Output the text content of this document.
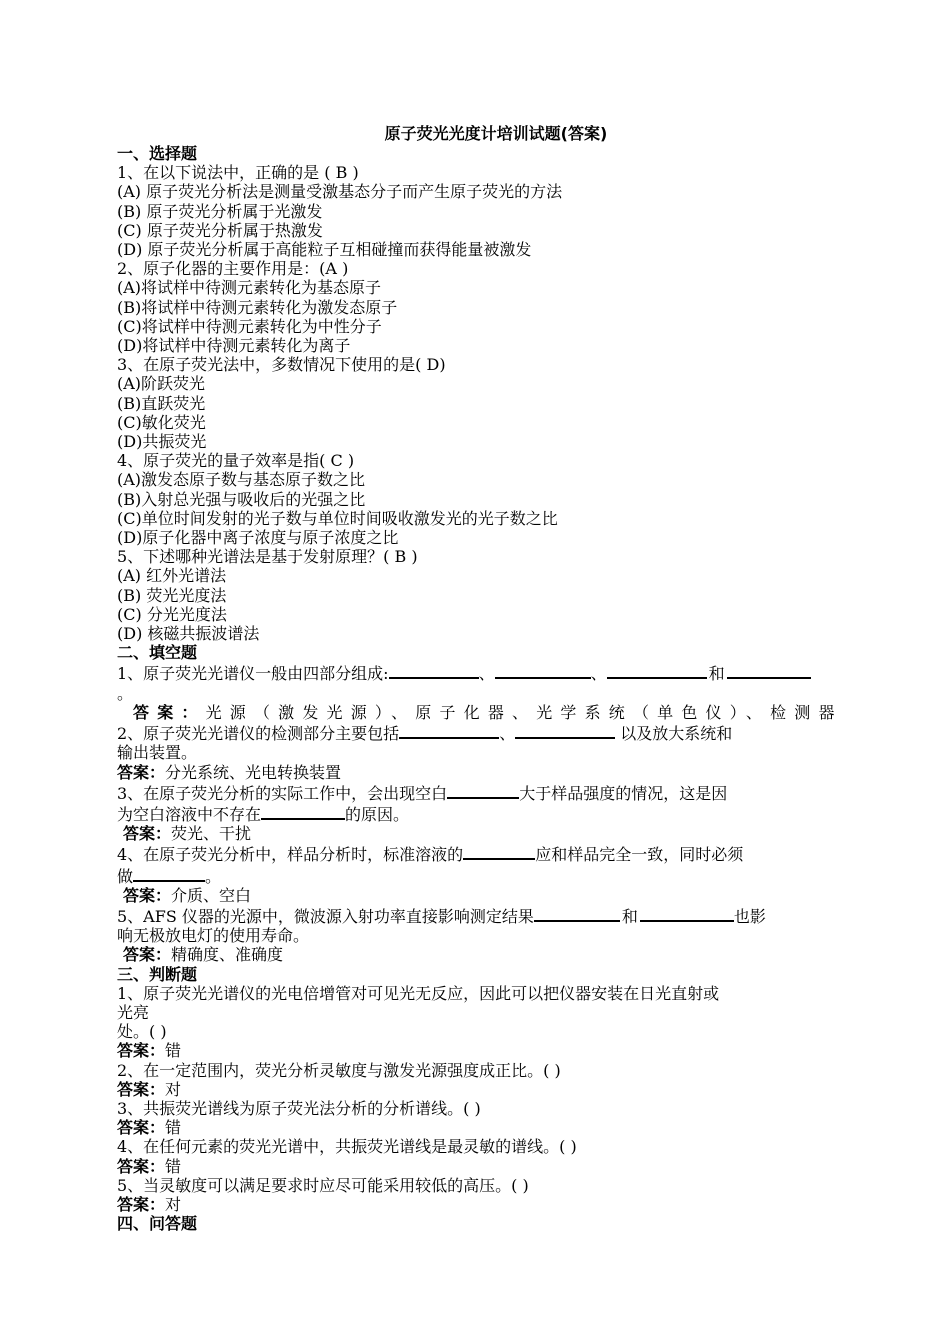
原子荧光光度计培训试题(答案)
一、选择题
1、在以下说法中，正确的是 ( B )
(A) 原子荧光分析法是测量受激基态分子而产生原子荧光的方法
(B) 原子荧光分析属于光激发
(C) 原子荧光分析属于热激发
(D) 原子荧光分析属于高能粒子互相碰撞而获得能量被激发
2、原子化器的主要作用是：(A )
(A)将试样中待测元素转化为基态原子
(B)将试样中待测元素转化为激发态原子
(C)将试样中待测元素转化为中性分子
(D)将试样中待测元素转化为离子
3、在原子荧光法中，多数情况下使用的是( D)
(A)阶跃荧光
(B)直跃荧光
(C)敏化荧光
(D)共振荧光
4、原子荧光的量子效率是指( C )
(A)激发态原子数与基态原子数之比
(B)入射总光强与吸收后的光强之比
(C)单位时间发射的光子数与单位时间吸收激发光的光子数之比
(D)原子化器中离子浓度与原子浓度之比
5、下述哪种光谱法是基于发射原理？( B )
(A) 红外光谱法
(B) 荧光光度法
(C) 分光光度法
(D) 核磁共振波谱法
二、填空题
1、原子荧光光谱仪一般由四部分组成:	、	、	和
。
答案：光源（激发光源）、原子化器、光学系统（单色仪）、检测器
2、原子荧光光谱仪的检测部分主要包括	、	以及放大系统和
输出装置。
答案：分光系统、光电转换装置
3、在原子荧光分析的实际工作中，会出现空白	大于样品强度的情况，这是因
为空白溶液中不存在	的原因。
答案：荧光、干扰
4、在原子荧光分析中，样品分析时，标准溶液的	应和样品完全一致，同时必须
做	。
答案：介质、空白
5、AFS 仪器的光源中，微波源入射功率直接影响测定结果	和	也影
响无极放电灯的使用寿命。
答案：精确度、准确度
三、判断题
1、原子荧光光谱仪的光电倍增管对可见光无反应，因此可以把仪器安装在日光直射或
光亮
处。( )
答案：错
2、在一定范围内，荧光分析灵敏度与激发光源强度成正比。( )
答案：对
3、共振荧光谱线为原子荧光法分析的分析谱线。( )
答案：错
4、在任何元素的荧光光谱中，共振荧光谱线是最灵敏的谱线。( )
答案：错
5、当灵敏度可以满足要求时应尽可能采用较低的高压。( )
答案：对
四、问答题
